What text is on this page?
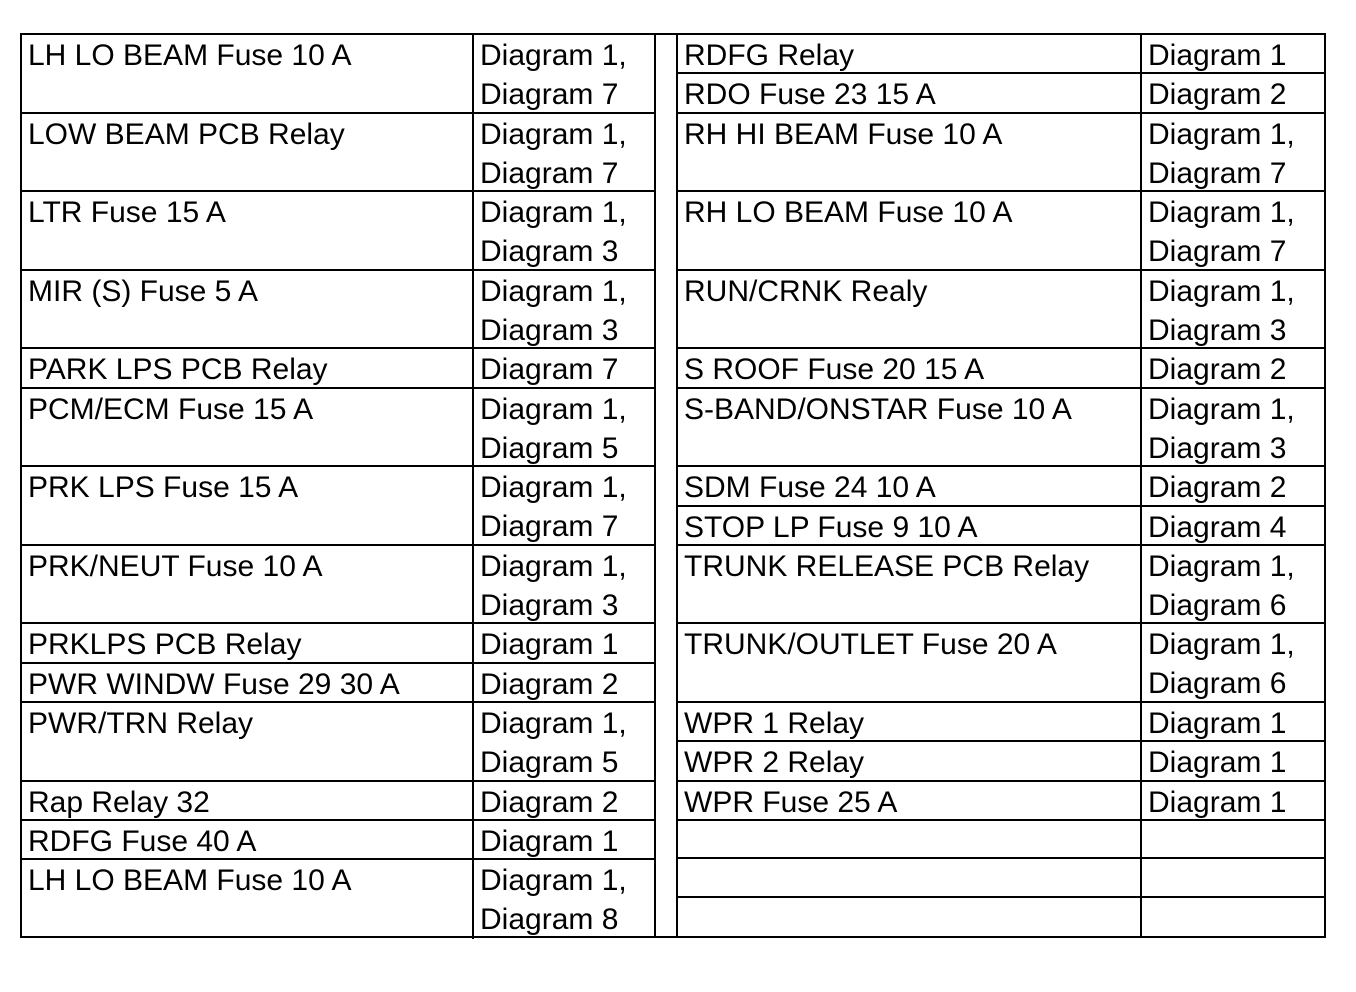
LH LO BEAM Fuse 10 A	Diagram 1,
Diagram 7
LOW BEAM PCB Relay	Diagram 1,
Diagram 7
LTR Fuse 15 A	Diagram 1,
Diagram 3
MIR (S) Fuse 5 A	Diagram 1,
Diagram 3
PARK LPS PCB Relay	Diagram 7
PCM/ECM Fuse 15 A	Diagram 1,
Diagram 5
PRK LPS Fuse 15 A	Diagram 1,
Diagram 7
PRK/NEUT Fuse 10 A	Diagram 1,
Diagram 3
PRKLPS PCB Relay	Diagram 1
PWR WINDW Fuse 29 30 A	Diagram 2
PWR/TRN Relay	Diagram 1,
Diagram 5
Rap Relay 32	Diagram 2
RDFG Fuse 40 A	Diagram 1
LH LO BEAM Fuse 10 A	Diagram 1,
Diagram 8
RDFG Relay	Diagram 1
RDO Fuse 23 15 A	Diagram 2
RH HI BEAM Fuse 10 A	Diagram 1,
Diagram 7
RH LO BEAM Fuse 10 A	Diagram 1,
Diagram 7
RUN/CRNK Realy	Diagram 1,
Diagram 3
S ROOF Fuse 20 15 A	Diagram 2
S-BAND/ONSTAR Fuse 10 A	Diagram 1,
Diagram 3
SDM Fuse 24 10 A	Diagram 2
STOP LP Fuse 9 10 A	Diagram 4
TRUNK RELEASE PCB Relay	Diagram 1,
Diagram 6
TRUNK/OUTLET Fuse 20 A	Diagram 1,
Diagram 6
WPR 1 Relay	Diagram 1
WPR 2 Relay	Diagram 1
WPR Fuse 25 A	Diagram 1
